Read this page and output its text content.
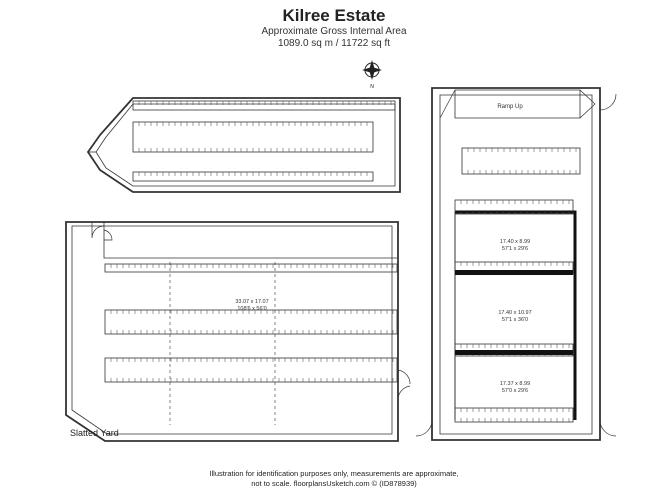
Kilree Estate
Approximate Gross Internal Area
1089.0 sq m / 11722 sq ft
Ramp Up
33.07 x 17.07
108'6 x 56'0
17.40 x 8.99
57'1 x 29'6
17.40 x 10.97
57'1 x 36'0
17.37 x 8.99
57'0 x 29'6
Slatted Yard
N
Illustration for identification purposes only, measurements are approximate,
not to scale. floorplansUsketch.com © (ID878939)
